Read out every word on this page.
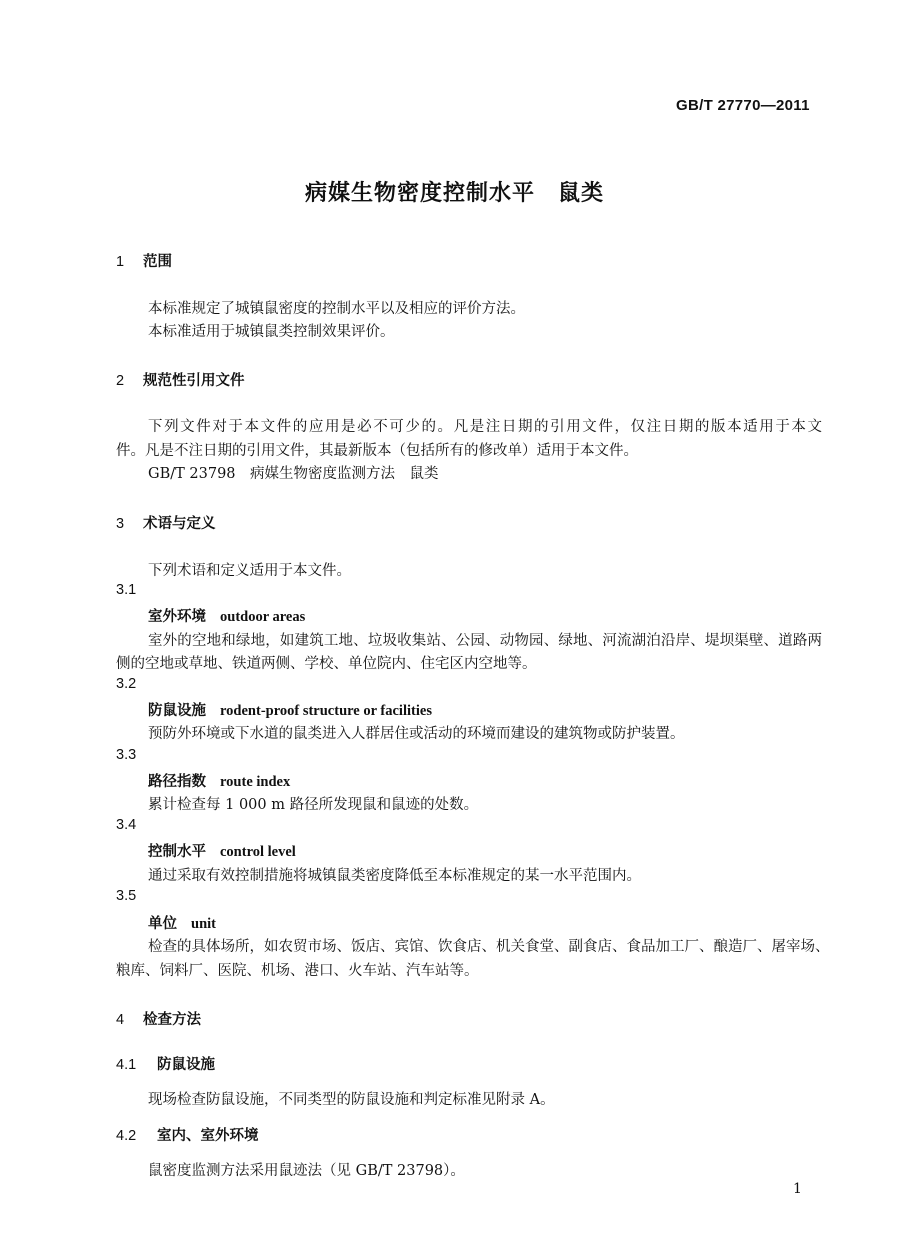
GB/T 27770—2011
病媒生物密度控制水平　鼠类
1 范围
本标准规定了城镇鼠密度的控制水平以及相应的评价方法。
本标准适用于城镇鼠类控制效果评价。
2 规范性引用文件
下列文件对于本文件的应用是必不可少的。凡是注日期的引用文件，仅注日期的版本适用于本文
件。凡是不注日期的引用文件，其最新版本（包括所有的修改单）适用于本文件。
GB/T 23798　病媒生物密度监测方法　鼠类
3 术语与定义
下列术语和定义适用于本文件。
3.1
室外环境 outdoor areas
室外的空地和绿地，如建筑工地、垃圾收集站、公园、动物园、绿地、河流湖泊沿岸、堤坝渠壁、道路两
侧的空地或草地、铁道两侧、学校、单位院内、住宅区内空地等。
3.2
防鼠设施 rodent-proof structure or facilities
预防外环境或下水道的鼠类进入人群居住或活动的环境而建设的建筑物或防护装置。
3.3
路径指数 route index
累计检查每 1 000 m 路径所发现鼠和鼠迹的处数。
3.4
控制水平 control level
通过采取有效控制措施将城镇鼠类密度降低至本标准规定的某一水平范围内。
3.5
单位 unit
检查的具体场所，如农贸市场、饭店、宾馆、饮食店、机关食堂、副食店、食品加工厂、酿造厂、屠宰场、
粮库、饲料厂、医院、机场、港口、火车站、汽车站等。
4 检查方法
4.1 防鼠设施
现场检查防鼠设施，不同类型的防鼠设施和判定标准见附录 A。
4.2 室内、室外环境
鼠密度监测方法采用鼠迹法（见 GB/T 23798）。
1
